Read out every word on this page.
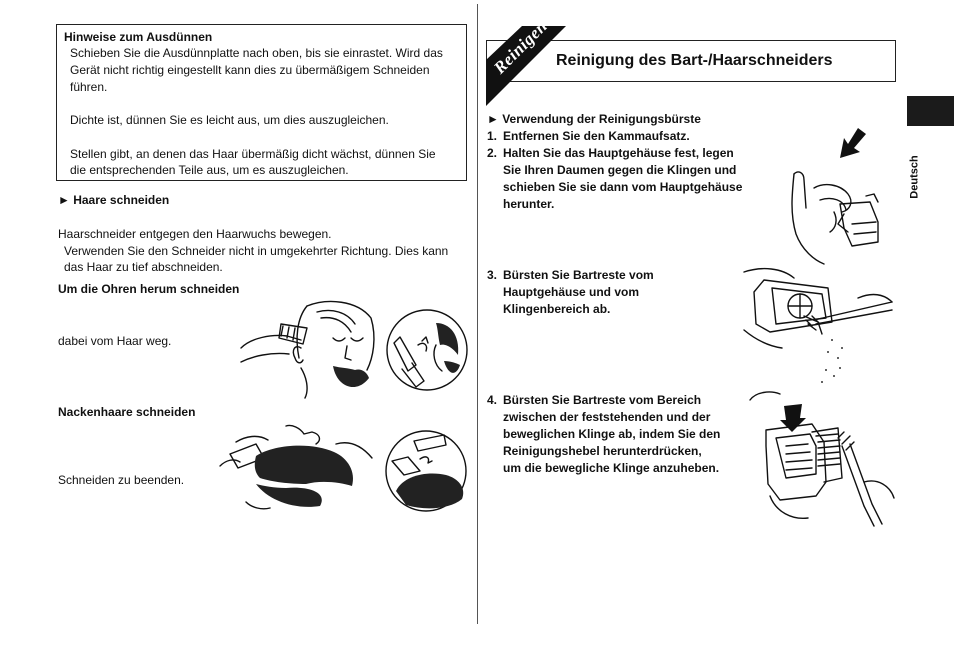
Hinweise zum Ausdünnen
Schieben Sie die Ausdünnplatte nach oben, bis sie einrastet. Wird das
Gerät nicht richtig eingestellt kann dies zu übermäßigem Schneiden
führen.
Dichte ist, dünnen Sie es leicht aus, um dies auszugleichen.
Stellen gibt, an denen das Haar übermäßig dicht wächst, dünnen Sie
die entsprechenden Teile aus, um es auszugleichen.
► Haare schneiden
Haarschneider entgegen den Haarwuchs bewegen.
Verwenden Sie den Schneider nicht in umgekehrter Richtung. Dies kann
das Haar zu tief abschneiden.
Um die Ohren herum schneiden
dabei vom Haar weg.
Nackenhaare schneiden
Schneiden zu beenden.
Reinigen Reinigung des Bart-/Haarschneiders
► Verwendung der Reinigungsbürste
1. Entfernen Sie den Kammaufsatz.
2. Halten Sie das Hauptgehäuse fest, legen
Sie Ihren Daumen gegen die Klingen und
schieben Sie sie dann vom Hauptgehäuse
herunter.
3. Bürsten Sie Bartreste vom
Hauptgehäuse und vom
Klingenbereich ab.
4. Bürsten Sie Bartreste vom Bereich
zwischen der feststehenden und der
beweglichen Klinge ab, indem Sie den
Reinigungshebel herunterdrücken,
um die bewegliche Klinge anzuheben.
Deutsch
